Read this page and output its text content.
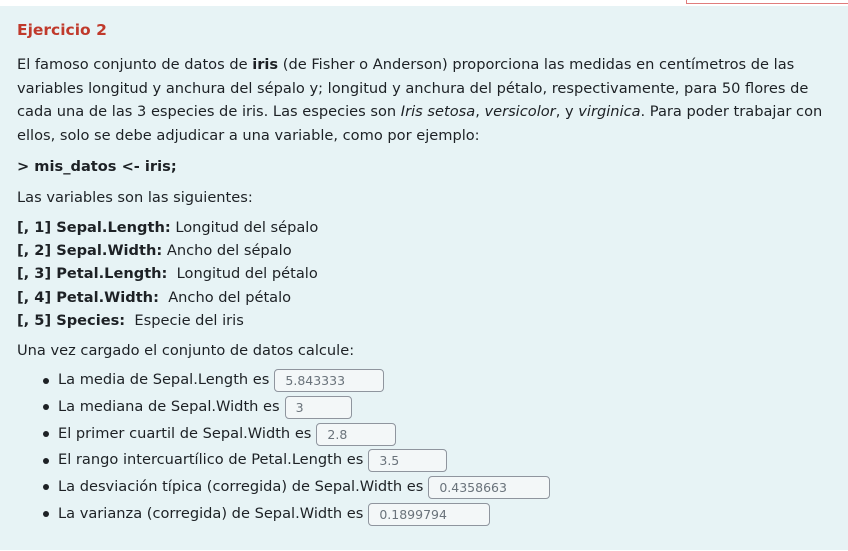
Ejercicio 2

El famoso conjunto de datos de iris (de Fisher o Anderson) proporciona las medidas en centímetros de las variables longitud y anchura del sépalo y; longitud y anchura del pétalo, respectivamente, para 50 flores de cada una de las 3 especies de iris. Las especies son Iris setosa, versicolor, y virginica. Para poder trabajar con ellos, solo se debe adjudicar a una variable, como por ejemplo:

> mis_datos <- iris;

Las variables son las siguientes:

[, 1] Sepal.Length: Longitud del sépalo
[, 2] Sepal.Width: Ancho del sépalo
[, 3] Petal.Length:  Longitud del pétalo
[, 4] Petal.Width:  Ancho del pétalo
[, 5] Species:  Especie del iris

Una vez cargado el conjunto de datos calcule:

La media de Sepal.Length es	5.843333
La mediana de Sepal.Width es	3
El primer cuartil de Sepal.Width es	2.8
El rango intercuartílico de Petal.Length es	3.5
La desviación típica (corregida) de Sepal.Width es	0.4358663
La varianza (corregida) de Sepal.Width es	0.1899794
